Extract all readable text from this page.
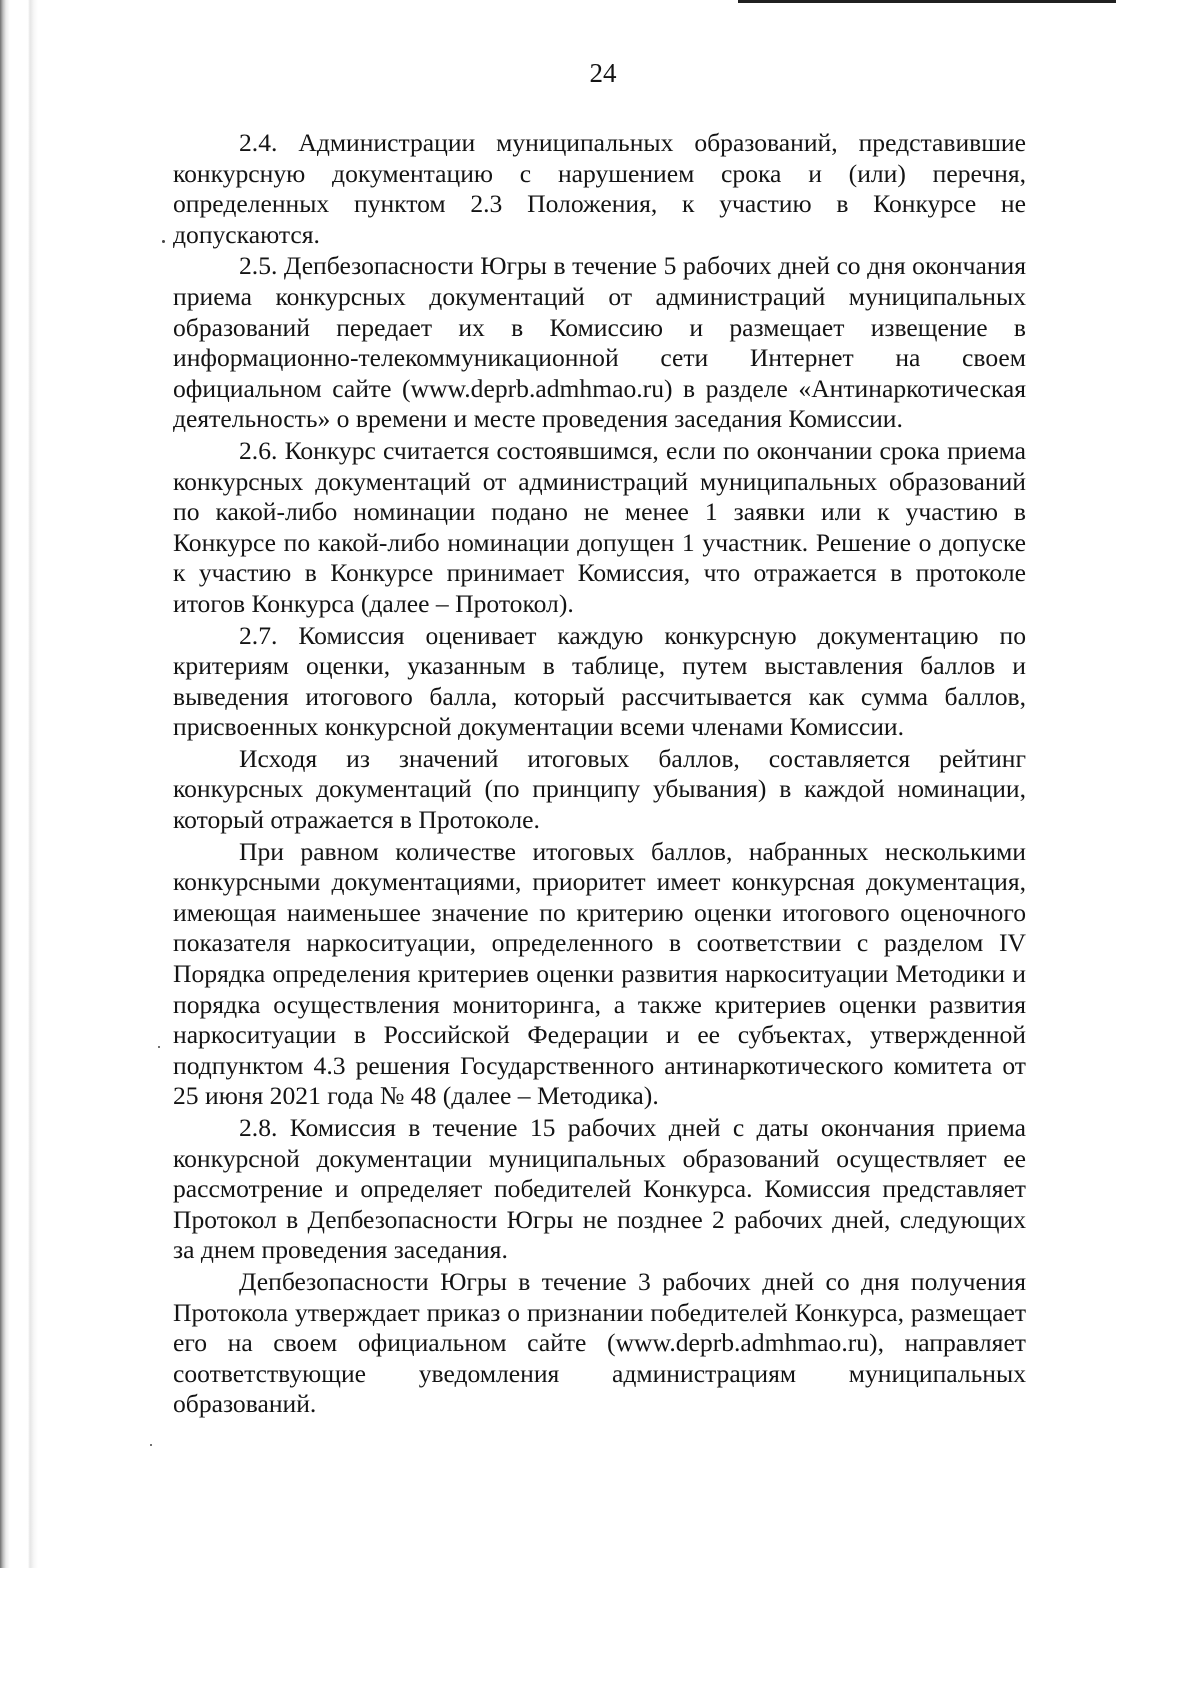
24

2.4. Администрации муниципальных образований, представившие конкурсную документацию с нарушением срока и (или) перечня, определенных пунктом 2.3 Положения, к участию в Конкурсе не допускаются.

2.5. Депбезопасности Югры в течение 5 рабочих дней со дня окончания приема конкурсных документаций от администраций муниципальных образований передает их в Комиссию и размещает извещение в информационно-телекоммуникационной сети Интернет на своем официальном сайте (www.deprb.admhmao.ru) в разделе «Антинаркотическая деятельность» о времени и месте проведения заседания Комиссии.

2.6. Конкурс считается состоявшимся, если по окончании срока приема конкурсных документаций от администраций муниципальных образований по какой-либо номинации подано не менее 1 заявки или к участию в Конкурсе по какой-либо номинации допущен 1 участник. Решение о допуске к участию в Конкурсе принимает Комиссия, что отражается в протоколе итогов Конкурса (далее – Протокол).

2.7. Комиссия оценивает каждую конкурсную документацию по критериям оценки, указанным в таблице, путем выставления баллов и выведения итогового балла, который рассчитывается как сумма баллов, присвоенных конкурсной документации всеми членами Комиссии.

Исходя из значений итоговых баллов, составляется рейтинг конкурсных документаций (по принципу убывания) в каждой номинации, который отражается в Протоколе.

При равном количестве итоговых баллов, набранных несколькими конкурсными документациями, приоритет имеет конкурсная документация, имеющая наименьшее значение по критерию оценки итогового оценочного показателя наркоситуации, определенного в соответствии с разделом IV Порядка определения критериев оценки развития наркоситуации Методики и порядка осуществления мониторинга, а также критериев оценки развития наркоситуации в Российской Федерации и ее субъектах, утвержденной подпунктом 4.3 решения Государственного антинаркотического комитета от 25 июня 2021 года № 48 (далее – Методика).

2.8. Комиссия в течение 15 рабочих дней с даты окончания приема конкурсной документации муниципальных образований осуществляет ее рассмотрение и определяет победителей Конкурса. Комиссия представляет Протокол в Депбезопасности Югры не позднее 2 рабочих дней, следующих за днем проведения заседания.

Депбезопасности Югры в течение 3 рабочих дней со дня получения Протокола утверждает приказ о признании победителей Конкурса, размещает его на своем официальном сайте (www.deprb.admhmao.ru), направляет соответствующие уведомления администрациям муниципальных образований.
